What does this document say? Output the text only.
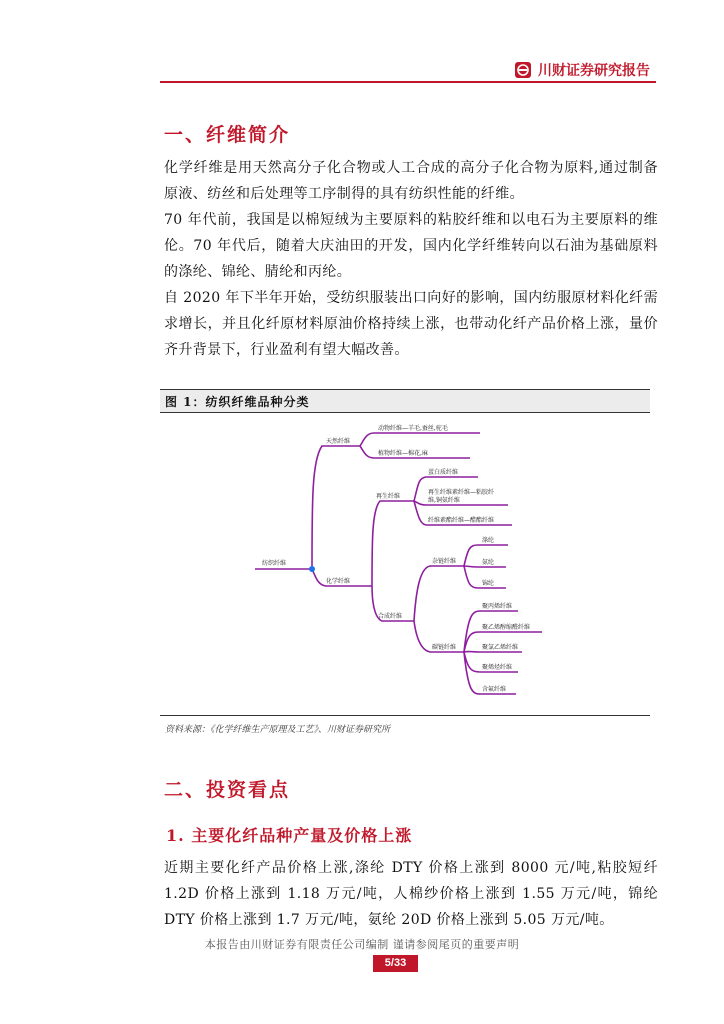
川财证券研究报告
一、纤维简介
化学纤维是用天然高分子化合物或人工合成的高分子化合物为原料,通过制备原液、纺丝和后处理等工序制得的具有纺织性能的纤维。
70 年代前，我国是以棉短绒为主要原料的粘胶纤维和以电石为主要原料的维伦。70 年代后，随着大庆油田的开发，国内化学纤维转向以石油为基础原料的涤纶、锦纶、腈纶和丙纶。
自 2020 年下半年开始，受纺织服装出口向好的影响，国内纺服原材料化纤需求增长，并且化纤原材料原油价格持续上涨，也带动化纤产品价格上涨，量价齐升背景下，行业盈利有望大幅改善。
图 1：纺织纤维品种分类
纺织纤维
天然纤维
动物纤维—羊毛,蚕丝,驼毛
植物纤维—棉花,麻
化学纤维
再生纤维
蛋白质纤维
再生纤维素纤维—粘胶纤
维,铜氨纤维
纤维素酯纤维—醋酯纤维
合成纤维
杂链纤维
涤纶
氨纶
锦纶
碳链纤维
聚丙烯纤维
聚乙烯醇缩醛纤维
聚氯乙烯纤维
聚烯烃纤维
含氟纤维
资料来源：《化学纤维生产原理及工艺》、川财证券研究所
二、投资看点
1. 主要化纤品种产量及价格上涨
近期主要化纤产品价格上涨,涤纶 DTY 价格上涨到 8000 元/吨,粘胶短纤 1.2D 价格上涨到 1.18 万元/吨，人棉纱价格上涨到 1.55 万元/吨，锦纶 DTY 价格上涨到 1.7 万元/吨，氨纶 20D 价格上涨到 5.05 万元/吨。
本报告由川财证券有限责任公司编制 谨请参阅尾页的重要声明
5/33
